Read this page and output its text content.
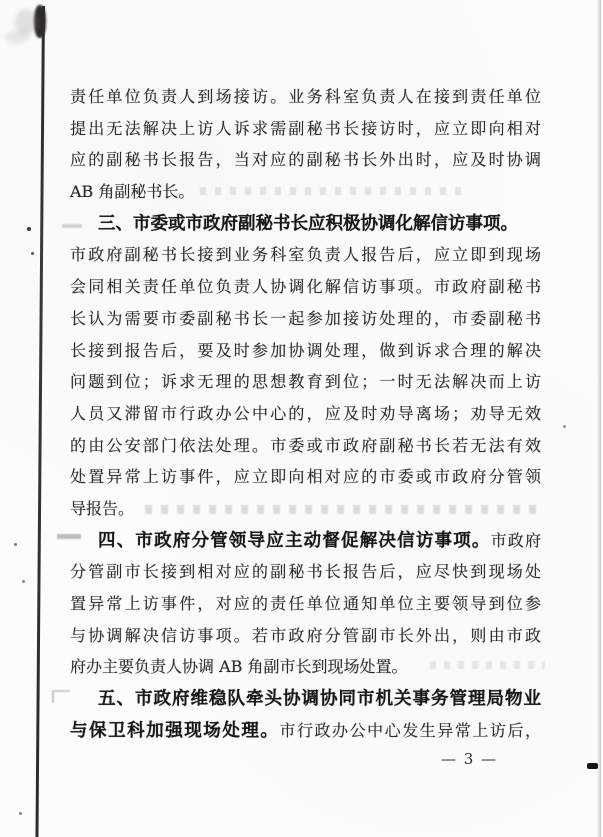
责任单位负责人到场接访。业务科室负责人在接到责任单位
提出无法解决上访人诉求需副秘书长接访时，应立即向相对
应的副秘书长报告，当对应的副秘书长外出时，应及时协调
AB 角副秘书长。
三、市委或市政府副秘书长应积极协调化解信访事项。
市政府副秘书长接到业务科室负责人报告后，应立即到现场
会同相关责任单位负责人协调化解信访事项。市政府副秘书
长认为需要市委副秘书长一起参加接访处理的，市委副秘书
长接到报告后，要及时参加协调处理，做到诉求合理的解决
问题到位；诉求无理的思想教育到位；一时无法解决而上访
人员又滞留市行政办公中心的，应及时劝导离场；劝导无效
的由公安部门依法处理。市委或市政府副秘书长若无法有效
处置异常上访事件，应立即向相对应的市委或市政府分管领
导报告。
四、市政府分管领导应主动督促解决信访事项。市政府
分管副市长接到相对应的副秘书长报告后，应尽快到现场处
置异常上访事件，对应的责任单位通知单位主要领导到位参
与协调解决信访事项。若市政府分管副市长外出，则由市政
府办主要负责人协调 AB 角副市长到现场处置。
五、市政府维稳队牵头协调协同市机关事务管理局物业
与保卫科加强现场处理。市行政办公中心发生异常上访后，
— 3 —
